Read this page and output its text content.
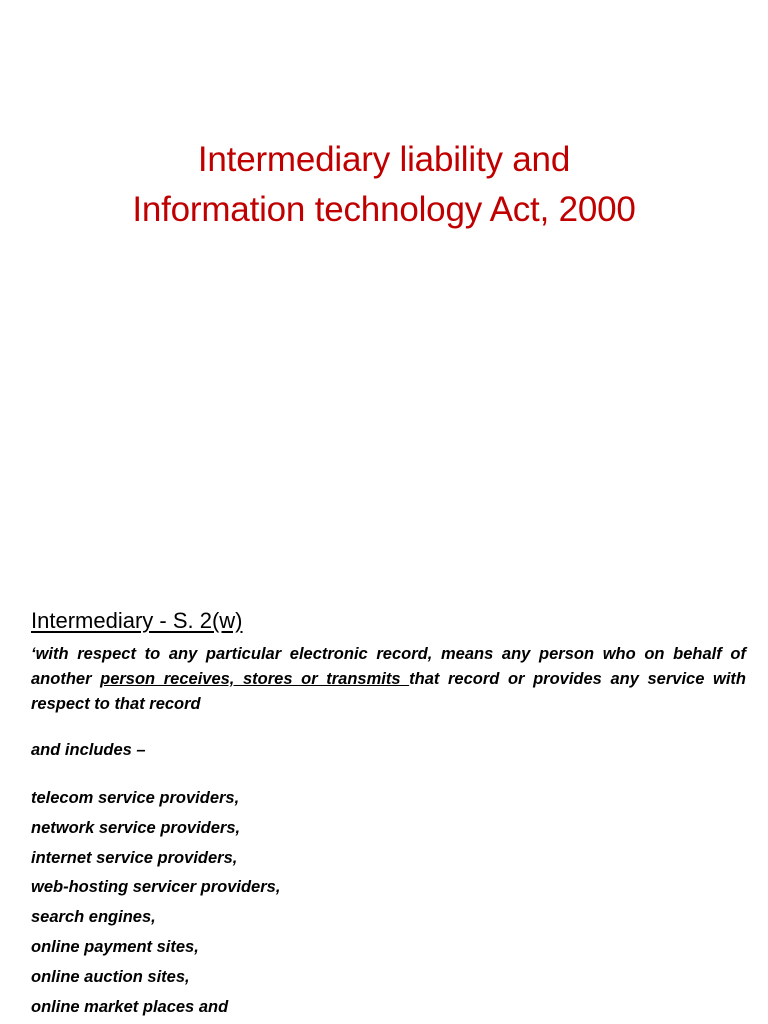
Intermediary liability and
Information technology Act, 2000
Intermediary - S. 2(w)

‘with respect to any particular electronic record, means any person who on behalf of another person receives, stores or transmits that record or provides any service with respect to that record

and includes –

telecom service providers,
network service providers,
internet service providers,
web-hosting servicer providers,
search engines,
online payment sites,
online auction sites,
online market places and
